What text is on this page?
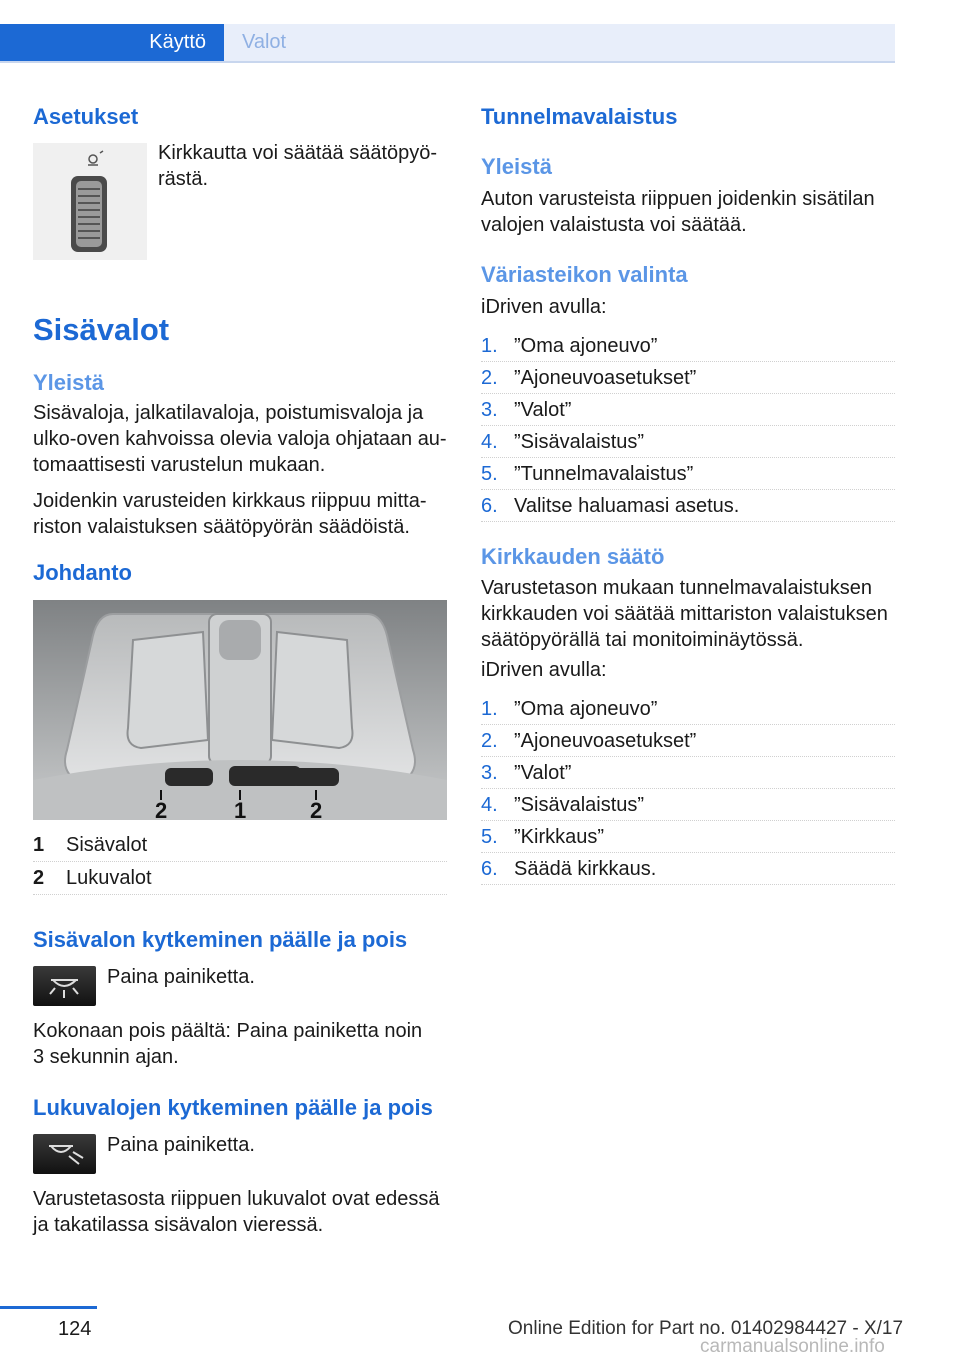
Käyttö	Valot
Asetukset
Kirkkautta voi säätää säätöpyö-
rästä.
Sisävalot
Yleistä
Sisävaloja, jalkatilavaloja, poistumisvaloja ja ulko-oven kahvoissa olevia valoja ohjataan au-tomaattisesti varustelun mukaan.
Joidenkin varusteiden kirkkaus riippuu mitta-riston valaistuksen säätöpyörän säädöistä.
Johdanto
2	1	2
1 Sisävalot
2 Lukuvalot
Sisävalon kytkeminen päälle ja pois
Paina painiketta.
Kokonaan pois päältä: Paina painiketta noin 3 sekunnin ajan.
Lukuvalojen kytkeminen päälle ja pois
Paina painiketta.
Varustetasosta riippuen lukuvalot ovat edessä ja takatilassa sisävalon vieressä.
Tunnelmavalaistus
Yleistä
Auton varusteista riippuen joidenkin sisätilan valojen valaistusta voi säätää.
Väriasteikon valinta
iDriven avulla:
1. ”Oma ajoneuvo”
2. ”Ajoneuvoasetukset”
3. ”Valot”
4. ”Sisävalaistus”
5. ”Tunnelmavalaistus”
6. Valitse haluamasi asetus.
Kirkkauden säätö
Varustetason mukaan tunnelmavalaistuksen kirkkauden voi säätää mittariston valaistuksen säätöpyörällä tai monitoiminäytössä.
iDriven avulla:
1. ”Oma ajoneuvo”
2. ”Ajoneuvoasetukset”
3. ”Valot”
4. ”Sisävalaistus”
5. ”Kirkkaus”
6. Säädä kirkkaus.
124	Online Edition for Part no. 01402984427 - X/17
carmanualsonline.info
